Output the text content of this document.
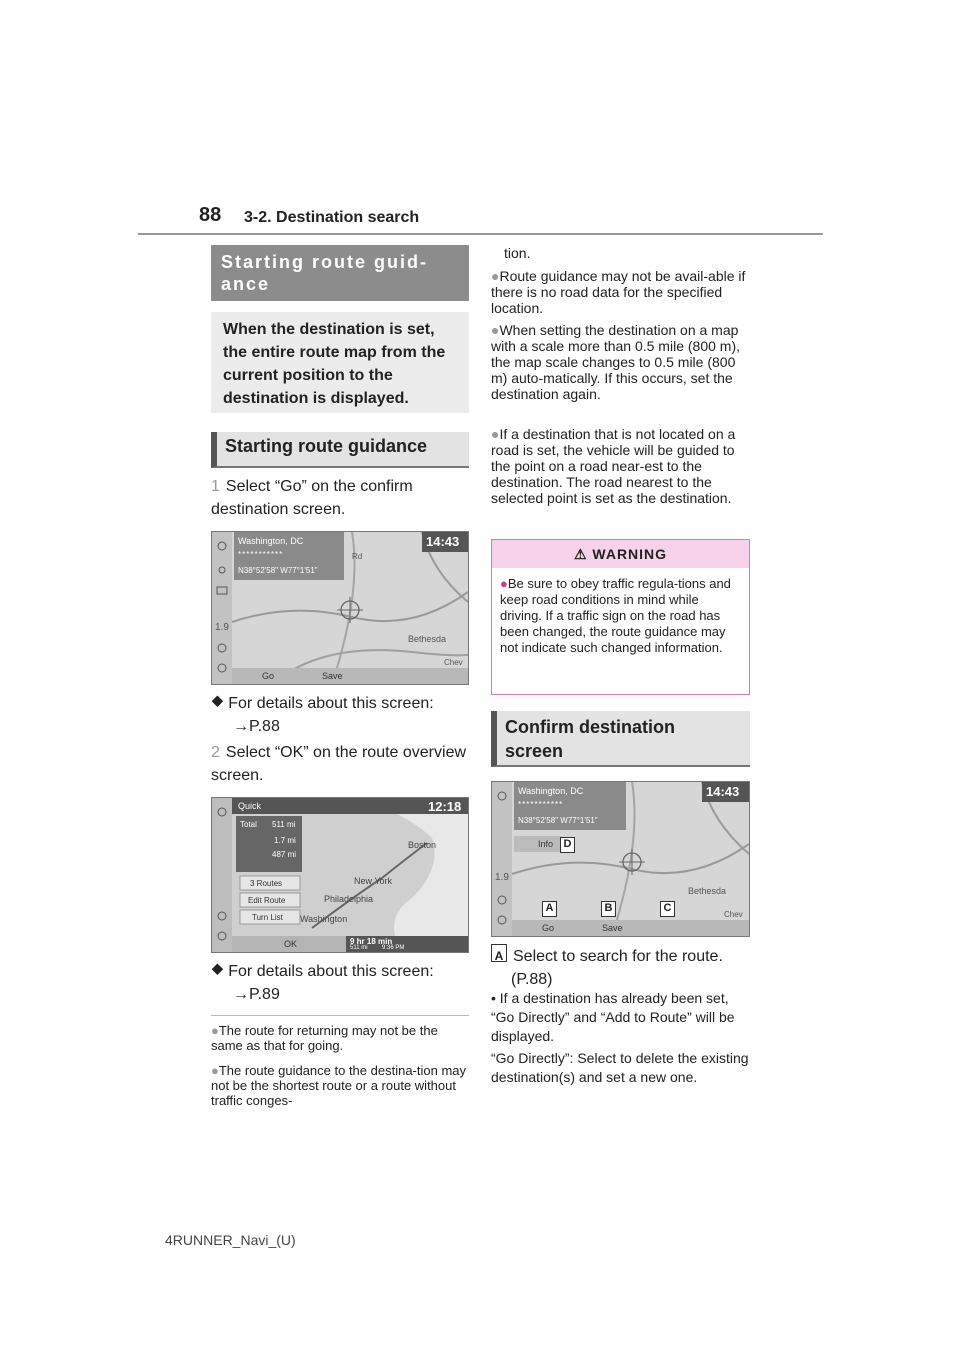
88 3-2. Destination search
Starting route guid-
ance
When the destination is set, the entire route map from the current position to the destination is displayed.
Starting route guidance
1 Select “Go” on the confirm destination screen.
Washington, DC
***********
N38°52'58" W77°1'51"
14:43
Rd
Bethesda
Chev
1.9
Go	Save
⯁ For details about this screen:
→P.88
2 Select “OK” on the route overview screen.
Quick	12:18
Total 511 mi
1.7 mi
487 mi
3 Routes
Edit Route
Turn List
Boston
New York
Philadelphia
Washington
OK	9 hr 18 min
511 mi 9:36 PM
⯁ For details about this screen:
→P.89
●The route for returning may not be the same as that for going.
●The route guidance to the destina-tion may not be the shortest route or a route without traffic conges-
tion.
●Route guidance may not be avail-able if there is no road data for the specified location.
●When setting the destination on a map with a scale more than 0.5 mile (800 m), the map scale changes to 0.5 mile (800 m) auto-matically. If this occurs, set the destination again.
●If a destination that is not located on a road is set, the vehicle will be guided to the point on a road near-est to the destination. The road nearest to the selected point is set as the destination.
⚠ WARNING
●Be sure to obey traffic regula-tions and keep road conditions in mind while driving. If a traffic sign on the road has been changed, the route guidance may not indicate such changed information.
Confirm destination
screen
Washington, DC
***********
N38°52'58" W77°1'51"
14:43
Info
Bethesda
Chev
1.9
Go	Save
D
A	B	C
A Select to search for the route.
(P.88)
• If a destination has already been set, “Go Directly” and “Add to Route” will be displayed.
“Go Directly”: Select to delete the existing destination(s) and set a new one.
4RUNNER_Navi_(U)
